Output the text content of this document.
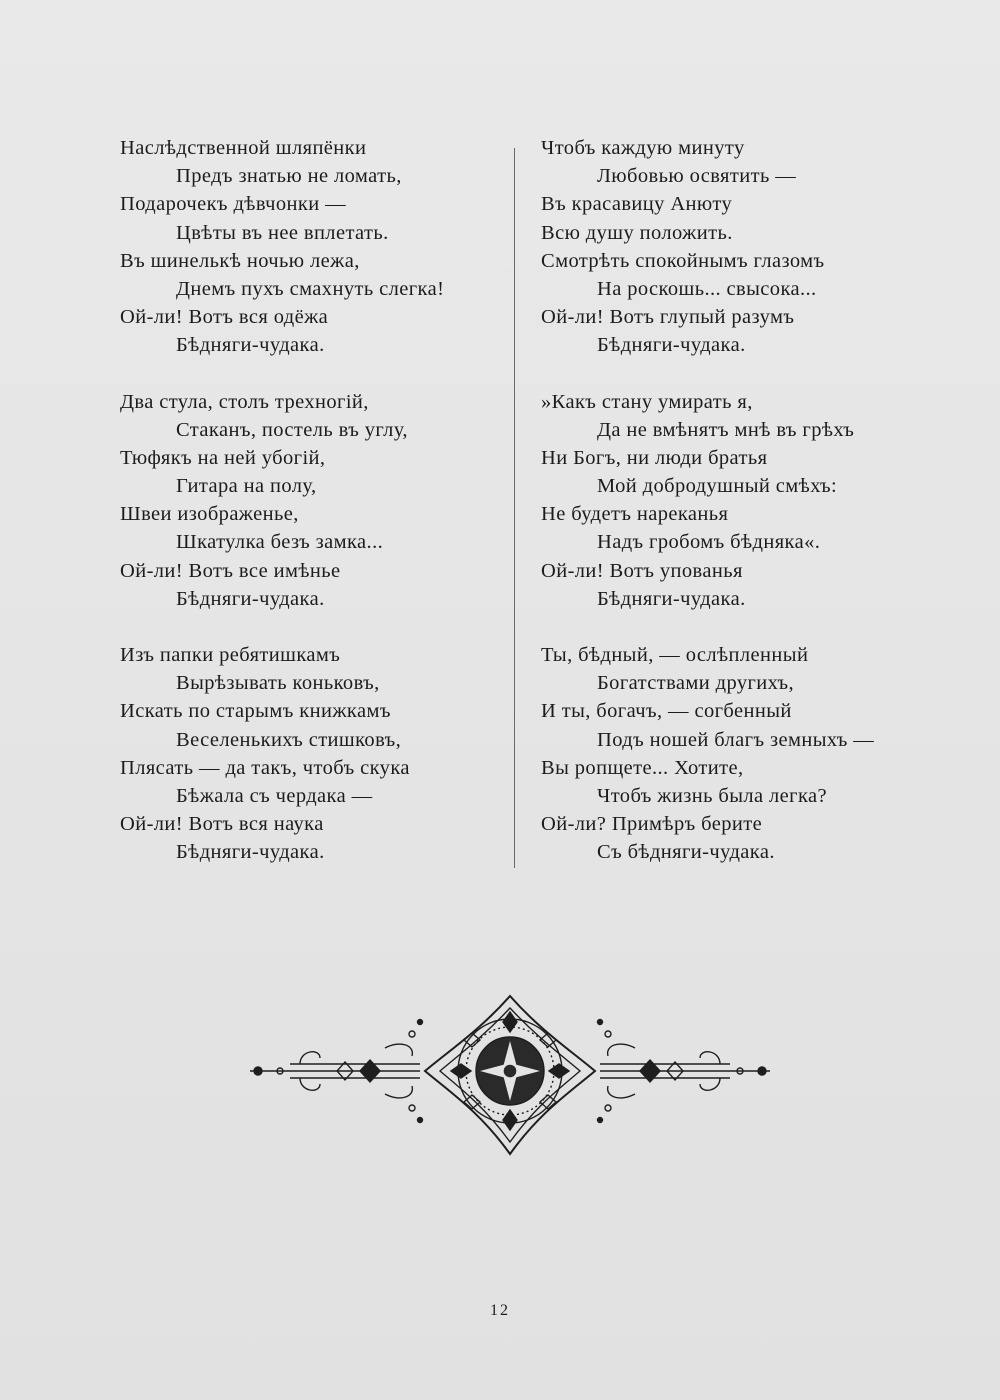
Наслѣдственной шляпёнки
Предъ знатью не ломать,
Подарочекъ дѣвчонки —
Цвѣты въ нее вплетать.
Въ шинелькѣ ночью лежа,
Днемъ пухъ смахнуть слегка!
Ой-ли! Вотъ вся одёжа
Бѣдняги-чудака.
Два стула, столъ трехногій,
Стаканъ, постель въ углу,
Тюфякъ на ней убогій,
Гитара на полу,
Швеи изображенье,
Шкатулка безъ замка...
Ой-ли! Вотъ все имѣнье
Бѣдняги-чудака.
Изъ папки ребятишкамъ
Вырѣзывать коньковъ,
Искать по старымъ книжкамъ
Веселенькихъ стишковъ,
Плясать — да такъ, чтобъ скука
Бѣжала съ чердака —
Ой-ли! Вотъ вся наука
Бѣдняги-чудака.
Чтобъ каждую минуту
Любовью освятить —
Въ красавицу Анюту
Всю душу положить.
Смотрѣть спокойнымъ глазомъ
На роскошь... свысока...
Ой-ли! Вотъ глупый разумъ
Бѣдняги-чудака.
»Какъ стану умирать я,
Да не вмѣнятъ мнѣ въ грѣхъ
Ни Богъ, ни люди братья
Мой добродушный смѣхъ:
Не будетъ нареканья
Надъ гробомъ бѣдняка«.
Ой-ли! Вотъ упованья
Бѣдняги-чудака.
Ты, бѣдный, — ослѣпленный
Богатствами другихъ,
И ты, богачъ, — согбенный
Подъ ношей благъ земныхъ —
Вы ропщете... Хотите,
Чтобъ жизнь была легка?
Ой-ли? Примѣръ берите
Съ бѣдняги-чудака.
12
